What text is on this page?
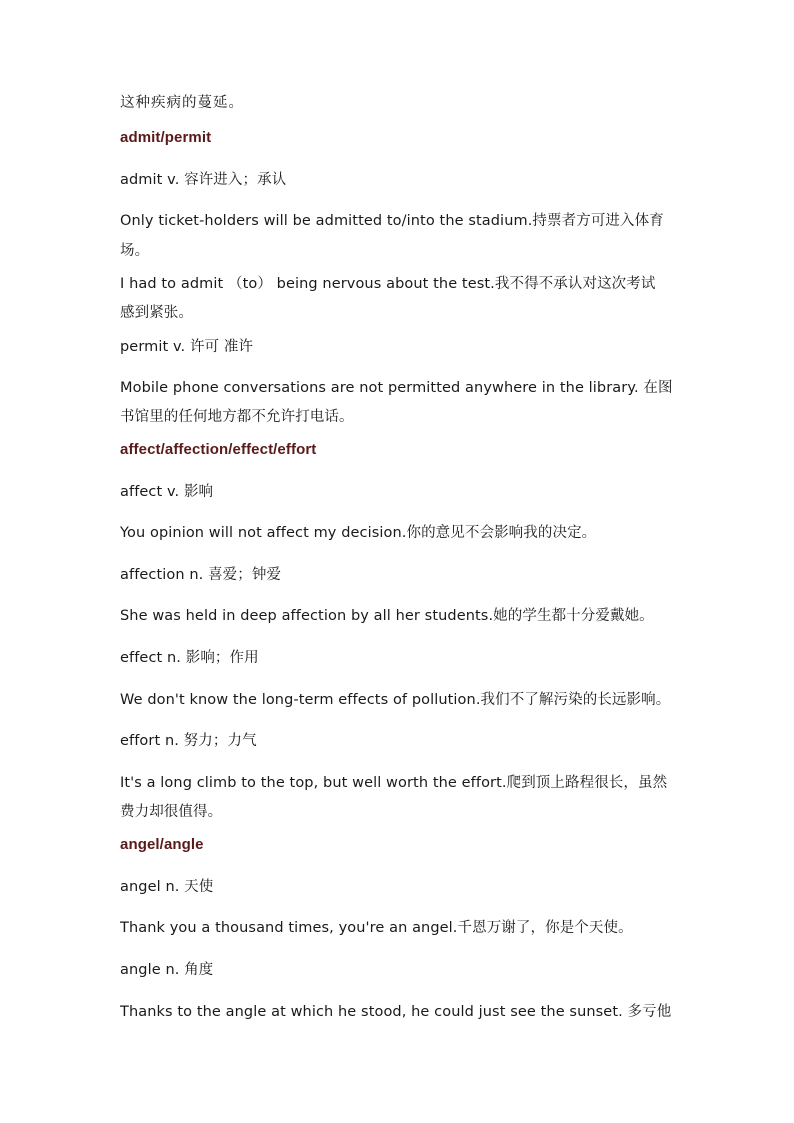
这种疾病的蔓延。
admit/permit
admit v. 容许进入；承认
Only ticket-holders will be admitted to/into the stadium.持票者方可进入体育
场。
I had to admit （to） being nervous about the test.我不得不承认对这次考试
感到紧张。
permit v. 许可 准许
Mobile phone conversations are not permitted anywhere in the library. 在图
书馆里的任何地方都不允许打电话。
affect/affection/effect/effort
affect v. 影响
You opinion will not affect my decision.你的意见不会影响我的决定。
affection n. 喜爱；钟爱
She was held in deep affection by all her students.她的学生都十分爱戴她。
effect n. 影响；作用
We don't know the long-term effects of pollution.我们不了解污染的长远影响。
effort n. 努力；力气
It's a long climb to the top, but well worth the effort.爬到顶上路程很长，虽然
费力却很值得。
angel/angle
angel n. 天使
Thank you a thousand times, you're an angel.千恩万谢了，你是个天使。
angle n. 角度
Thanks to the angle at which he stood, he could just see the sunset. 多亏他
